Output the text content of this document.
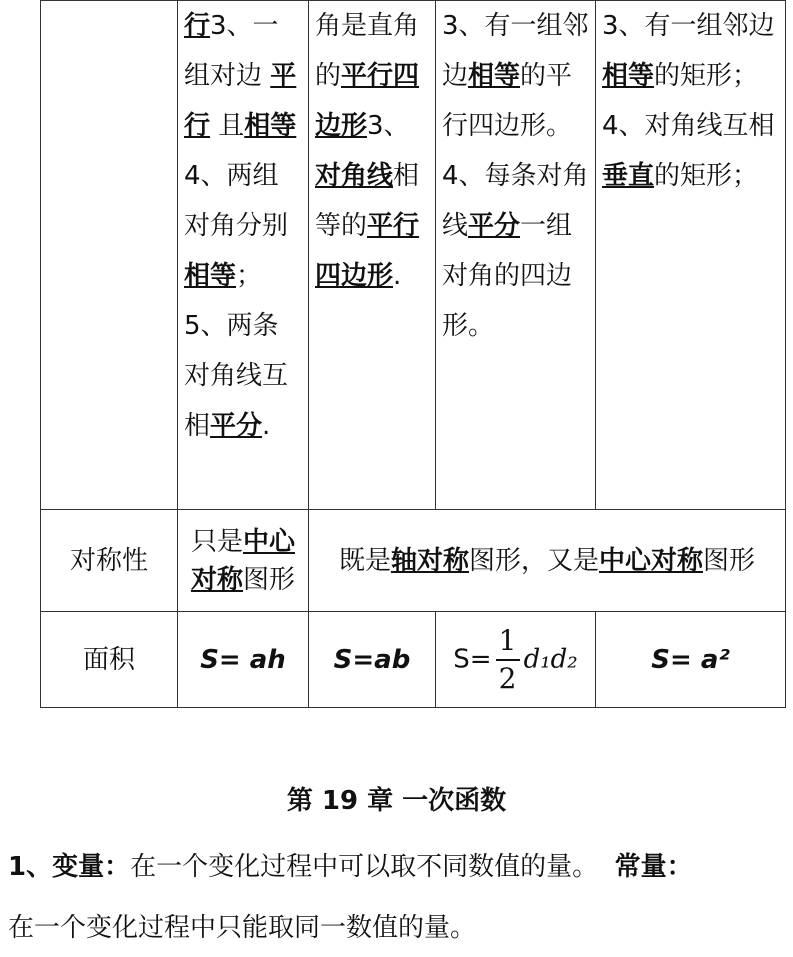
	行3、一组对边 平 行 且相等4、两组对角分别相等；5、两条对角线互相平分.	角是直角的平行四边形3、对角线相等的平行四边形.	3、有一组邻边相等的平行四边形。4、每条对角线平分一组对角的四边形。	3、有一组邻边相等的矩形；4、对角线互相 垂直的矩形；
对称性	只是中心对称图形	既是轴对称图形，又是中心对称图形		
面积	S= ah	S=ab	$S= \frac{1}{2} d_1d_2$	S= a²
第 19 章 一次函数
1、变量：在一个变化过程中可以取不同数值的量。 常量：
在一个变化过程中只能取同一数值的量。
